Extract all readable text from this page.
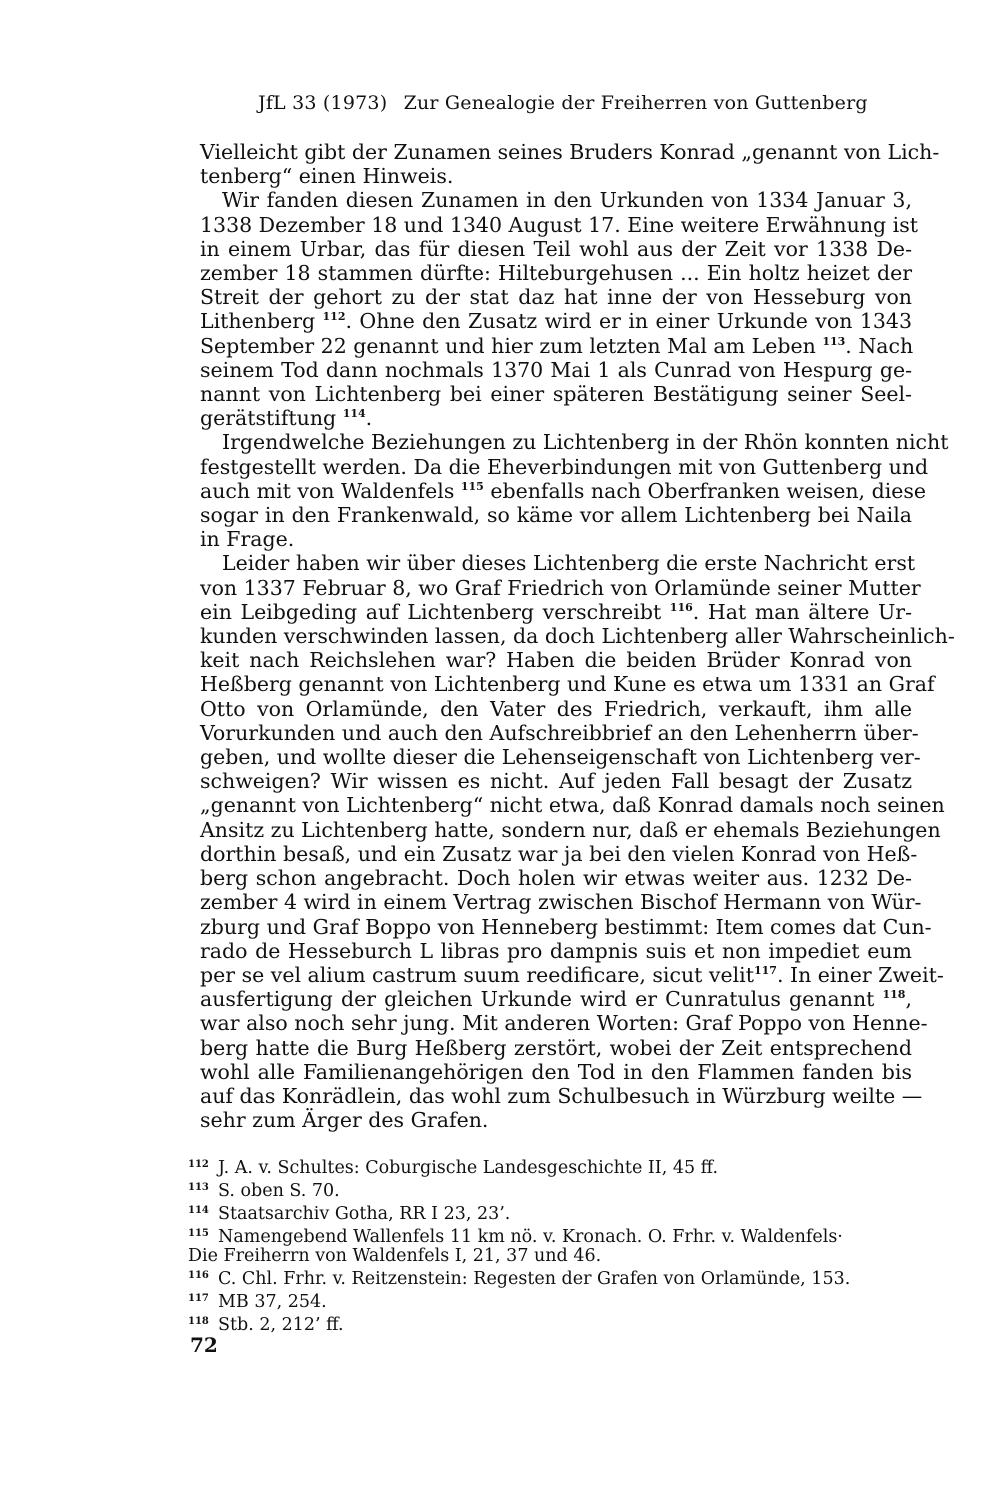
JfL 33 (1973) Zur Genealogie der Freiherren von Guttenberg
Vielleicht gibt der Zunamen seines Bruders Konrad „genannt von Lich-
tenberg“ einen Hinweis.
Wir fanden diesen Zunamen in den Urkunden von 1334 Januar 3,
1338 Dezember 18 und 1340 August 17. Eine weitere Erwähnung ist
in einem Urbar, das für diesen Teil wohl aus der Zeit vor 1338 De-
zember 18 stammen dürfte: Hilteburgehusen ... Ein holtz heizet der
Streit der gehort zu der stat daz hat inne der von Hesseburg von
Lithenberg $^{112}$. Ohne den Zusatz wird er in einer Urkunde von 1343
September 22 genannt und hier zum letzten Mal am Leben $^{113}$. Nach
seinem Tod dann nochmals 1370 Mai 1 als Cunrad von Hespurg ge-
nannt von Lichtenberg bei einer späteren Bestätigung seiner Seel-
gerätstiftung $^{114}$.
Irgendwelche Beziehungen zu Lichtenberg in der Rhön konnten nicht
festgestellt werden. Da die Eheverbindungen mit von Guttenberg und
auch mit von Waldenfels $^{115}$ ebenfalls nach Oberfranken weisen, diese
sogar in den Frankenwald, so käme vor allem Lichtenberg bei Naila
in Frage.
Leider haben wir über dieses Lichtenberg die erste Nachricht erst
von 1337 Februar 8, wo Graf Friedrich von Orlamünde seiner Mutter
ein Leibgeding auf Lichtenberg verschreibt $^{116}$. Hat man ältere Ur-
kunden verschwinden lassen, da doch Lichtenberg aller Wahrscheinlich-
keit nach Reichslehen war? Haben die beiden Brüder Konrad von
Heßberg genannt von Lichtenberg und Kune es etwa um 1331 an Graf
Otto von Orlamünde, den Vater des Friedrich, verkauft, ihm alle
Vorurkunden und auch den Aufschreibbrief an den Lehenherrn über-
geben, und wollte dieser die Lehenseigenschaft von Lichtenberg ver-
schweigen? Wir wissen es nicht. Auf jeden Fall besagt der Zusatz
„genannt von Lichtenberg“ nicht etwa, daß Konrad damals noch seinen
Ansitz zu Lichtenberg hatte, sondern nur, daß er ehemals Beziehungen
dorthin besaß, und ein Zusatz war ja bei den vielen Konrad von Heß-
berg schon angebracht. Doch holen wir etwas weiter aus. 1232 De-
zember 4 wird in einem Vertrag zwischen Bischof Hermann von Wür-
zburg und Graf Boppo von Henneberg bestimmt: Item comes dat Cun-
rado de Hesseburch L libras pro dampnis suis et non impediet eum
per se vel alium castrum suum reedificare, sicut velit$^{117}$. In einer Zweit-
ausfertigung der gleichen Urkunde wird er Cunratulus genannt $^{118}$,
war also noch sehr jung. Mit anderen Worten: Graf Poppo von Henne-
berg hatte die Burg Heßberg zerstört, wobei der Zeit entsprechend
wohl alle Familienangehörigen den Tod in den Flammen fanden bis
auf das Konrädlein, das wohl zum Schulbesuch in Würzburg weilte —
sehr zum Ärger des Grafen.
112 J. A. v. Schultes: Coburgische Landesgeschichte II, 45 ff.
113 S. oben S. 70.
114 Staatsarchiv Gotha, RR I 23, 23’.
115 Namengebend Wallenfels 11 km nö. v. Kronach. O. Frhr. v. Waldenfels·
Die Freiherrn von Waldenfels I, 21, 37 und 46.
116 C. Chl. Frhr. v. Reitzenstein: Regesten der Grafen von Orlamünde, 153.
117 MB 37, 254.
118 Stb. 2, 212’ ff.
72
